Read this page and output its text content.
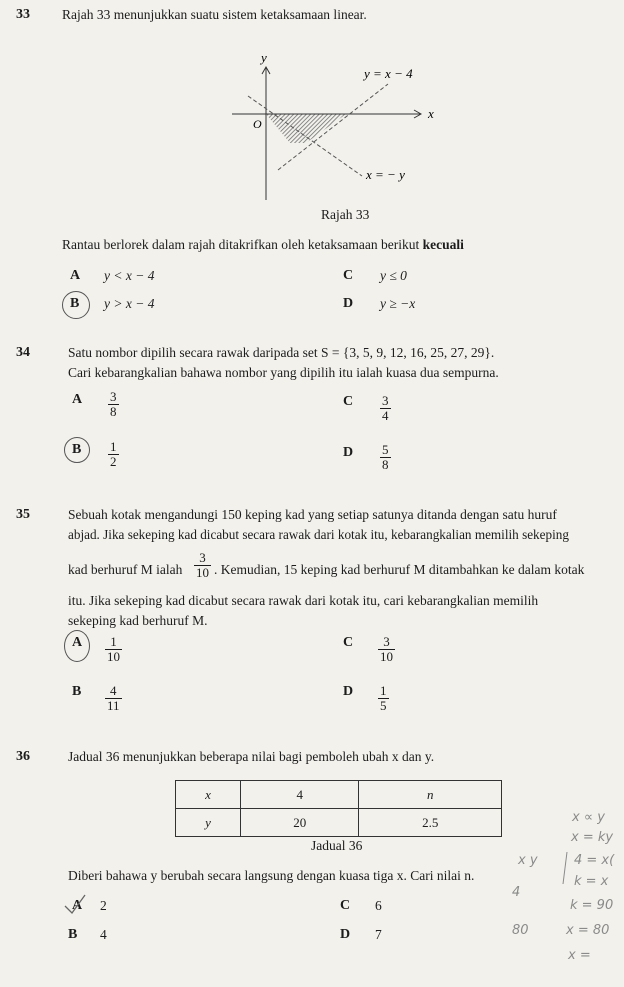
33 Rajah 33 menunjukkan suatu sistem ketaksamaan linear.
y
x
O
y = x − 4
x = − y
Rajah 33
Rantau berlorek dalam rajah ditakrifkan oleh ketaksamaan berikut kecuali
A y < x − 4
B y > x − 4
C y ≤ 0
D y ≥ −x
34	Satu nombor dipilih secara rawak daripada set S = {3, 5, 9, 12, 16, 25, 27, 29}.
Cari kebarangkalian bahawa nombor yang dipilih itu ialah kuasa dua sempurna.
A $\frac{3}{8}$
B $\frac{1}{2}$
C $\frac{3}{4}$
D $\frac{5}{8}$
35	Sebuah kotak mengandungi 150 keping kad yang setiap satunya ditanda dengan satu huruf
abjad. Jika sekeping kad dicabut secara rawak dari kotak itu, kebarangkalian memilih sekeping
kad berhuruf M ialah $\frac{3}{10}$ . Kemudian, 15 keping kad berhuruf M ditambahkan ke dalam kotak
itu. Jika sekeping kad dicabut secara rawak dari kotak itu, cari kebarangkalian memilih
sekeping kad berhuruf M.
A $\frac{1}{10}$
B $\frac{4}{11}$
C $\frac{3}{10}$
D $\frac{1}{5}$
36	Jadual 36 menunjukkan beberapa nilai bagi pemboleh ubah x dan y.
x	4	n
y	20	2.5
Jadual 36
Diberi bahawa y berubah secara langsung dengan kuasa tiga x. Cari nilai n.
A 2
B 4
C 6
D 7
x ∝ y
x = ky
x y	4 = x(
k = x
4
k = 90
80	x = 80
x =
